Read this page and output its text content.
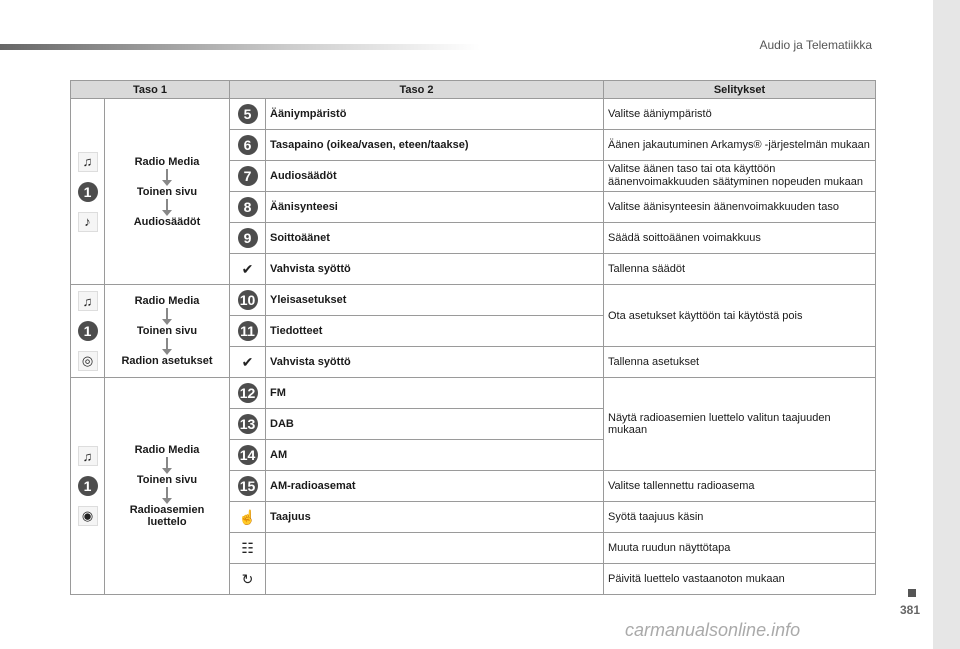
Audio ja Telematiikka
Taso 1		Taso 2		Selitykset

♫
1
♪	Radio Media
Toinen sivu
Audiosäädöt	5	Ääniympäristö	Valitse ääniympäristö
		6	Tasapaino (oikea/vasen, eteen/taakse)	Äänen jakautuminen Arkamys® -järjestelmän mukaan
		7	Audiosäädöt	Valitse äänen taso tai ota käyttöön äänenvoimakkuuden säätyminen nopeuden mukaan
		8	Äänisynteesi	Valitse äänisynteesin äänenvoimakkuuden taso
		9	Soittoäänet	Säädä soittoäänen voimakkuus
		✔	Vahvista syöttö	Tallenna säädöt

♫
1
◎	Radio Media
Toinen sivu
Radion asetukset	10	Yleisasetukset	Ota asetukset käyttöön tai käytöstä pois
		11	Tiedotteet	
		✔	Vahvista syöttö	Tallenna asetukset

♫
1
◉	Radio Media
Toinen sivu
Radioasemien luettelo	12	FM	Näytä radioasemien luettelo valitun taajuuden mukaan
		13	DAB	
		14	AM	
		15	AM-radioasemat	Valitse tallennettu radioasema
		☝	Taajuus	Syötä taajuus käsin
		☷		Muuta ruudun näyttötapa
		↻		Päivitä luettelo vastaanoton mukaan
381
carmanualsonline.info
